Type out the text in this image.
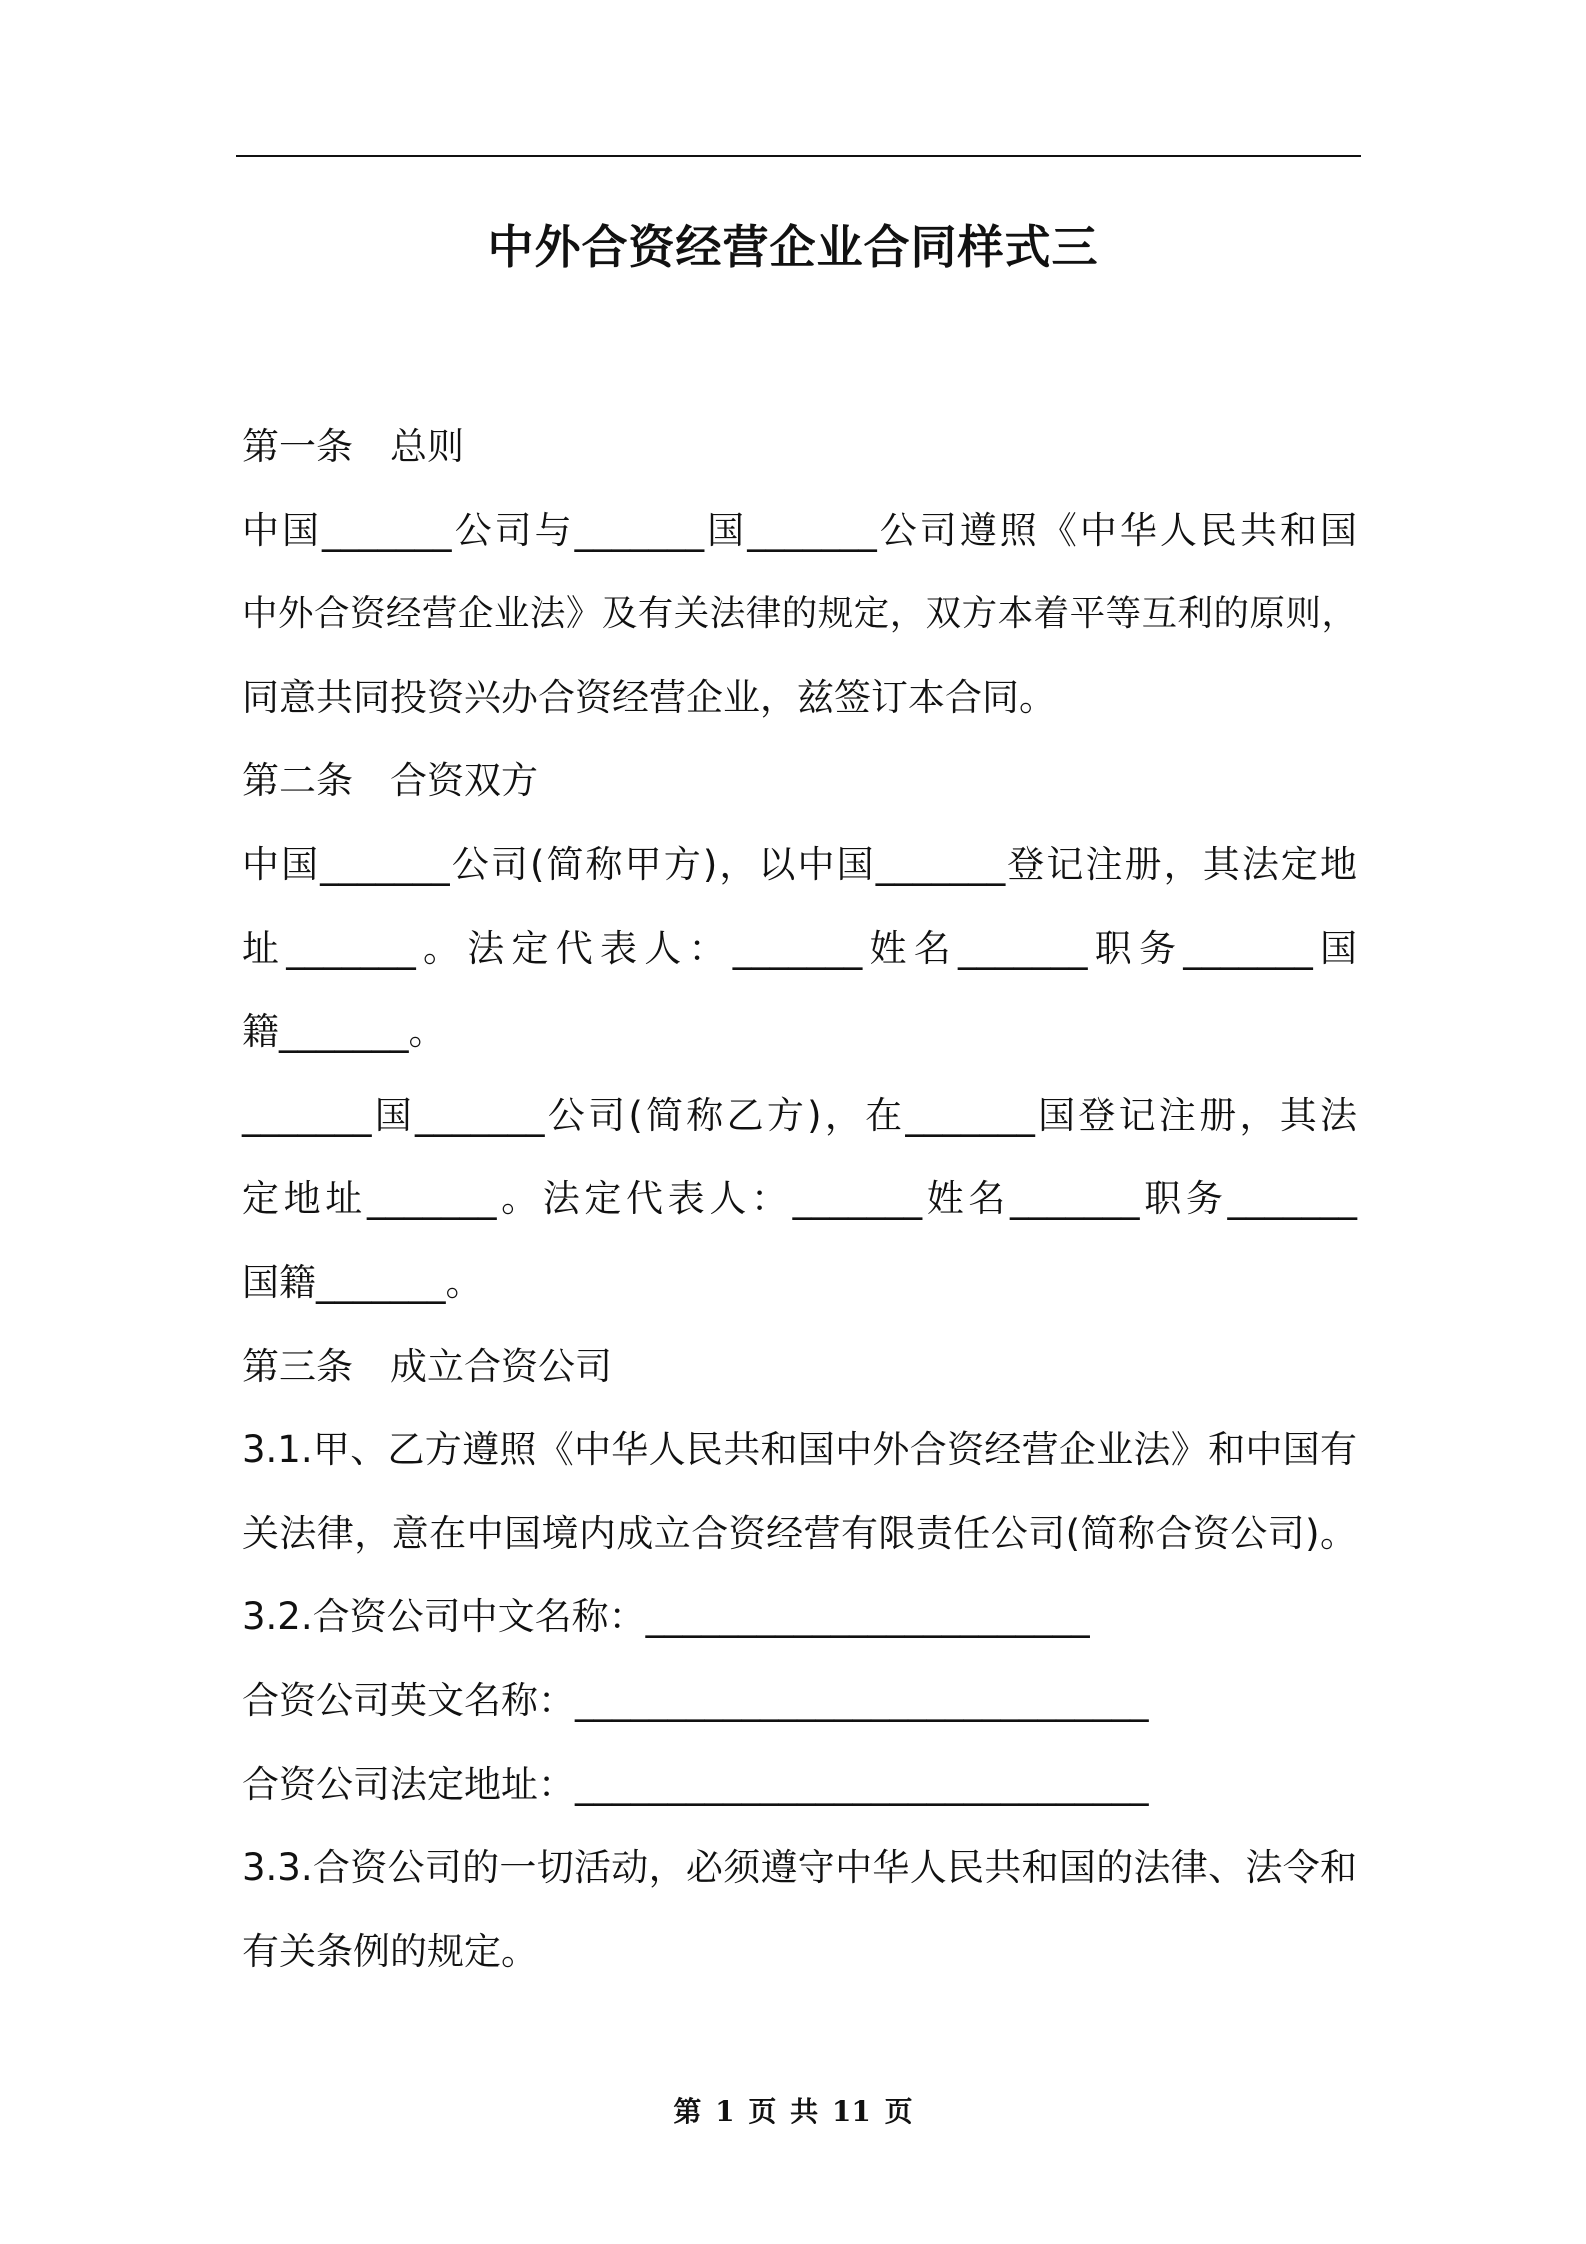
中外合资经营企业合同样式三
第一条　总则
中国_______公司与_______国_______公司遵照《中华人民共和国
中外合资经营企业法》及有关法律的规定，双方本着平等互利的原则，
同意共同投资兴办合资经营企业，兹签订本合同。
第二条　合资双方
中国_______公司(简称甲方)，以中国_______登记注册，其法定地
址_______。法定代表人：_______姓名_______职务_______国
籍_______。
_______国_______公司(简称乙方)，在_______国登记注册，其法
定地址_______。法定代表人：_______姓名_______职务_______
国籍_______。
第三条　成立合资公司
3.1.甲、乙方遵照《中华人民共和国中外合资经营企业法》和中国有
关法律，意在中国境内成立合资经营有限责任公司(简称合资公司)。
3.2.合资公司中文名称：________________________
合资公司英文名称：_______________________________
合资公司法定地址：_______________________________
3.3.合资公司的一切活动，必须遵守中华人民共和国的法律、法令和
有关条例的规定。
第 1 页 共 11 页
